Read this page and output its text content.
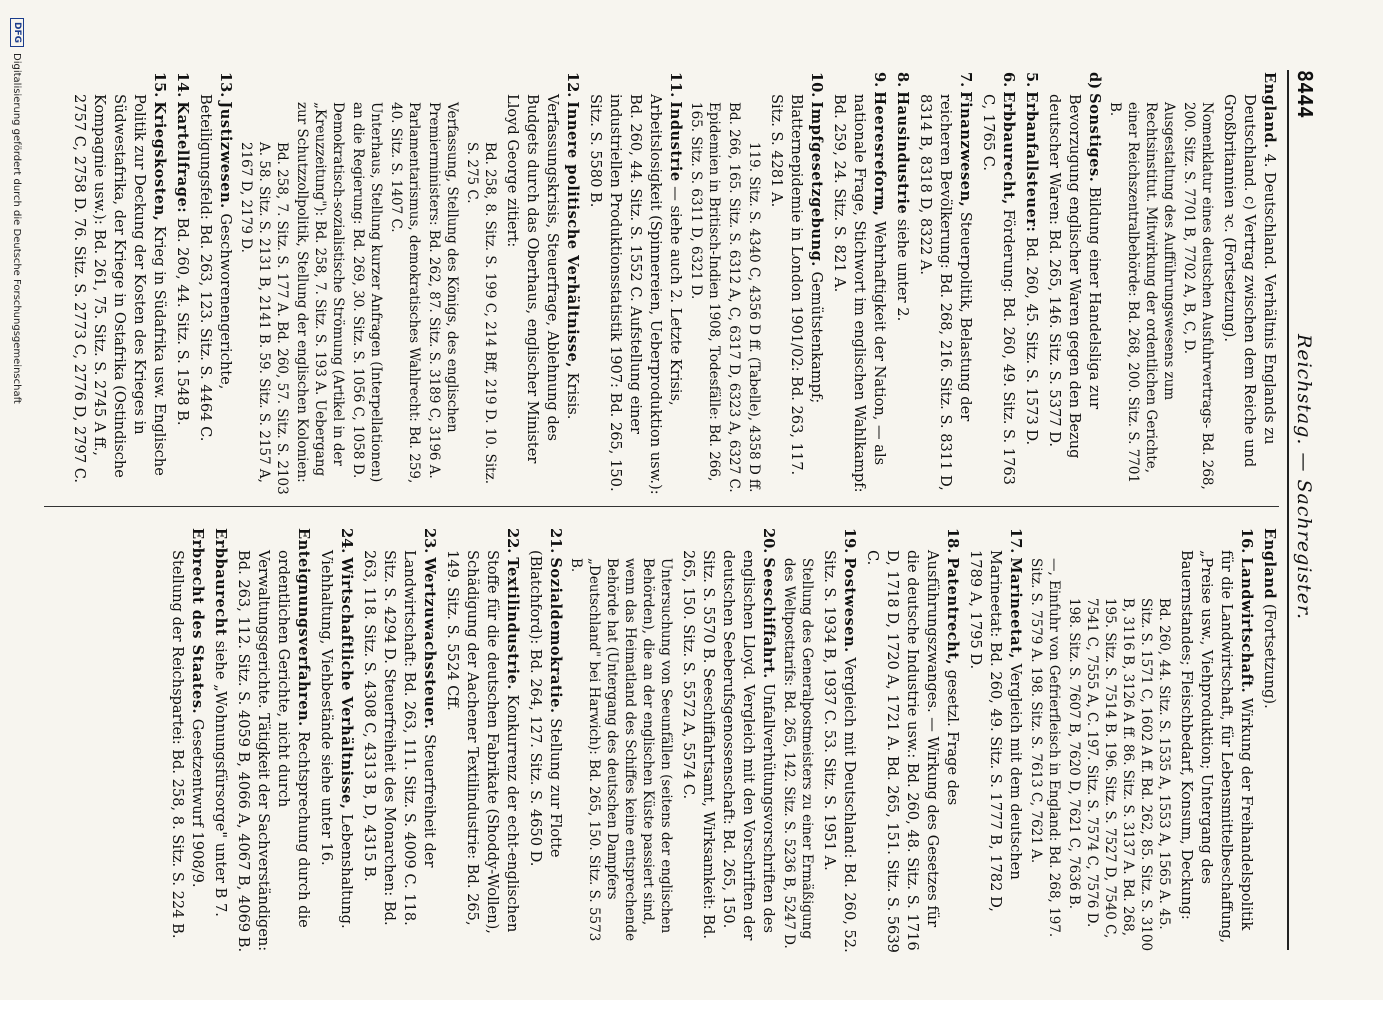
8444
Reichstag. — Sachregister.

England. 4. Deutschland. Verhältnis Englands zu Deutschland. c) Vertrag zwischen dem Reiche und Großbritannien ꝛc. (Fortsetzung).

Nomenklatur eines deutschen Ausfuhrvertrags- Bd. 268, 200. Sitz. S. 7701 B, 7702 A, B, C, D.

Ausgestaltung des Aufführungswesens zum Rechtsinstitut. Mitwirkung der ordentlichen Gerichte, einer Reichszentralbehörde: Bd. 268, 200. Sitz. S. 7701 B.

d)Sonstiges. Bildung einer Handelsliga zur Bevorzugung englischer Waren gegen den Bezug deutscher Waren: Bd. 265, 146. Sitz. S. 5377 D.

5.Erbanfallsteuer: Bd. 260, 45. Sitz. S. 1573 D.

6.Erbbaurecht, Förderung: Bd. 260, 49. Sitz. S. 1763 C, 1765 C.

7.Finanzwesen, Steuerpolitik, Belastung der reicheren Bevölkerung: Bd. 268, 216. Sitz. S. 8311 D, 8314 B, 8318 D, 8322 A.

8.Hausindustrie siehe unter 2.

9.Heeresreform, Wehrhaftigkeit der Nation, — als nationale Frage, Stichwort im englischen Wahlkampf: Bd. 259, 24. Sitz. S. 821 A.

10.Impfgesetzgebung. Gemütstenkampf; Blatternepidemie in London 1901/02: Bd. 263, 117. Sitz. S. 4281 A.

119. Sitz. S. 4340 C, 4356 D ff. (Tabelle), 4358 D ff.

Bd. 266, 165. Sitz. S. 6312 A, C, 6317 D, 6323 A, 6327 C.

Epidemien in Britisch-Indien 1908, Todesfälle: Bd. 266, 165. Sitz. S. 6311 D, 6321 D.

11.Industrie — siehe auch 2. Letzte Krisis, Arbeitslosigkeit (Spinnereien, Ueberproduktion usw.): Bd. 260, 44. Sitz. S. 1552 C. Aufstellung einer industriellen Produktionsstatistik 1907: Bd. 265, 150. Sitz. S. 5580 B.

12.Innere politische Verhältnisse, Krisis. Verfassungskrisis, Steuerfrage, Ablehnung des Budgets durch das Oberhaus, englischer Minister Lloyd George zitiert:

Bd. 258, 8. Sitz. S. 199 C, 214 Bff, 219 D. 10. Sitz. S. 275 C.

Verfassung, Stellung des Königs, des englischen Premierministers: Bd. 262, 87. Sitz. S. 3189 C, 3196 A.

Parlamentarismus, demokratisches Wahlrecht: Bd. 259, 40. Sitz. S. 1407 C.

Unterhaus, Stellung kurzer Anfragen (Interpellationen) an die Regierung: Bd. 269, 30. Sitz. S. 1056 C, 1058 D.

Demokratisch-sozialistische Strömung (Artikel in der „Kreuzzeitung"): Bd. 258, 7. Sitz. S. 193 A. Uebergang zur Schutzzollpolitik, Stellung der englischen Kolonien:

Bd. 258, 7. Sitz. S. 177 A. Bd. 260, 57. Sitz. S. 2103 A. 58. Sitz. S. 2131 B, 2141 B. 59. Sitz. S. 2157 A, 2167 D, 2179 D.

13.Justizwesen. Geschworenengerichte, Beteiligungsfeld: Bd. 263, 123. Sitz. S. 4464 C.

14.Kartellfrage: Bd. 260, 44. Sitz. S. 1548 B.

15.Kriegskosten, Krieg in Südafrika usw. Englische Politik zur Deckung der Kosten des Krieges in Südwestafrika, der Kriege in Ostafrika (Ostindische Kompagnie usw.): Bd. 261, 75. Sitz. S. 2745 A ff., 2757 C, 2758 D. 76. Sitz. S. 2773 C, 2776 D, 2797 C.

England (Fortsetzung).

16.Landwirtschaft. Wirkung der Freihandelspolitik für die Landwirtschaft, für Lebensmittelbeschaffung, „Preise usw., Viehproduktion; Untergang des Bauernstandes; Fleischbedarf, Konsum, Deckung:

Bd. 260, 44. Sitz. S. 1535 A, 1553 A, 1565 A. 45. Sitz. S. 1571 C, 1602 A ff. Bd. 262, 85. Sitz. S. 3100 B, 3116 B, 3126 A ff. 86. Sitz. S. 3137 A. Bd. 268, 195. Sitz. S. 7514 B. 196. Sitz. S. 7527 D, 7540 C, 7541 C, 7555 A, C. 197. Sitz. S. 7574 C, 7576 D. 198. Sitz. S. 7607 B, 7620 D, 7621 C, 7636 B.

—, Einfuhr von Gefrierfleisch in England: Bd. 268, 197. Sitz. S. 7579 A. 198. Sitz. S. 7613 C, 7621 A.

17.Marineetat, Vergleich mit dem deutschen Marineetat: Bd. 260, 49. Sitz. S. 1777 B, 1782 D, 1789 A, 1795 D.

18.Patentrecht, gesetzl. Frage des Ausführungszwanges. — Wirkung des Gesetzes für die deutsche Industrie usw.: Bd. 260, 48. Sitz. S. 1716 D, 1718 D, 1720 A, 1721 A. Bd. 265, 151. Sitz. S. 5639 C.

19.Postwesen. Vergleich mit Deutschland: Bd. 260, 52. Sitz. S. 1934 B, 1937 C. 53. Sitz. S. 1951 A.

Stellung des Generalpostmeisters zu einer Ermäßigung des Weltposttarifs: Bd. 265, 142. Sitz. S. 5236 B, 5247 D.

20.Seeschiffahrt. Unfallverhütungsvorschriften des englischen Lloyd. Vergleich mit den Vorschriften der deutschen Seeberufsgenossenschaft: Bd. 265, 150. Sitz. S. 5570 B. Seeschiffahrtsamt, Wirksamkeit: Bd. 265, 150. Sitz. S. 5572 A, 5574 C.

Untersuchung von Seeunfällen (seitens der englischen Behörden), die an der englischen Küste passiert sind, wenn das Heimatland des Schiffes keine entsprechende Behörde hat (Untergang des deutschen Dampfers „Deutschland" bei Harwich): Bd. 265, 150. Sitz. S. 5573 B.

21.Sozialdemokratie. Stellung zur Flotte (Blatchford): Bd. 264, 127. Sitz. S. 4650 D.

22.Textilindustrie. Konkurrenz der echt-englischen Stoffe für die deutschen Fabrikate (Shoddy-Wollen), Schädigung der Aachener Textilindustrie: Bd. 265, 149. Sitz. S. 5524 Cff.

23.Wertzuwachssteuer. Steuerfreiheit der Landwirtschaft: Bd. 263, 111. Sitz. S. 4009 C. 118. Sitz. S. 4294 D. Steuerfreiheit des Monarchen: Bd. 263, 118. Sitz. S. 4308 C, 4313 B, D, 4315 B.

24.Wirtschaftliche Verhältnisse, Lebenshaltung. Viehhaltung, Viehbestände siehe unter 16.

Enteignungsverfahren. Rechtsprechung durch die ordentlichen Gerichte, nicht durch Verwaltungsgerichte. Tätigkeit der Sachverständigen: Bd. 263, 112. Sitz. S. 4059 B, 4066 A, 4067 B, 4069 B.

Erbbaurecht siehe „Wohnungsfürsorge" unter B 7.

Erbrecht des Staates. Gesetzentwurf 1908/9. Stellung der Reichspartei: Bd. 258, 8. Sitz. S. 224 B.

DFG
Digitalisierung gefördert durch die Deutsche Forschungsgemeinschaft
